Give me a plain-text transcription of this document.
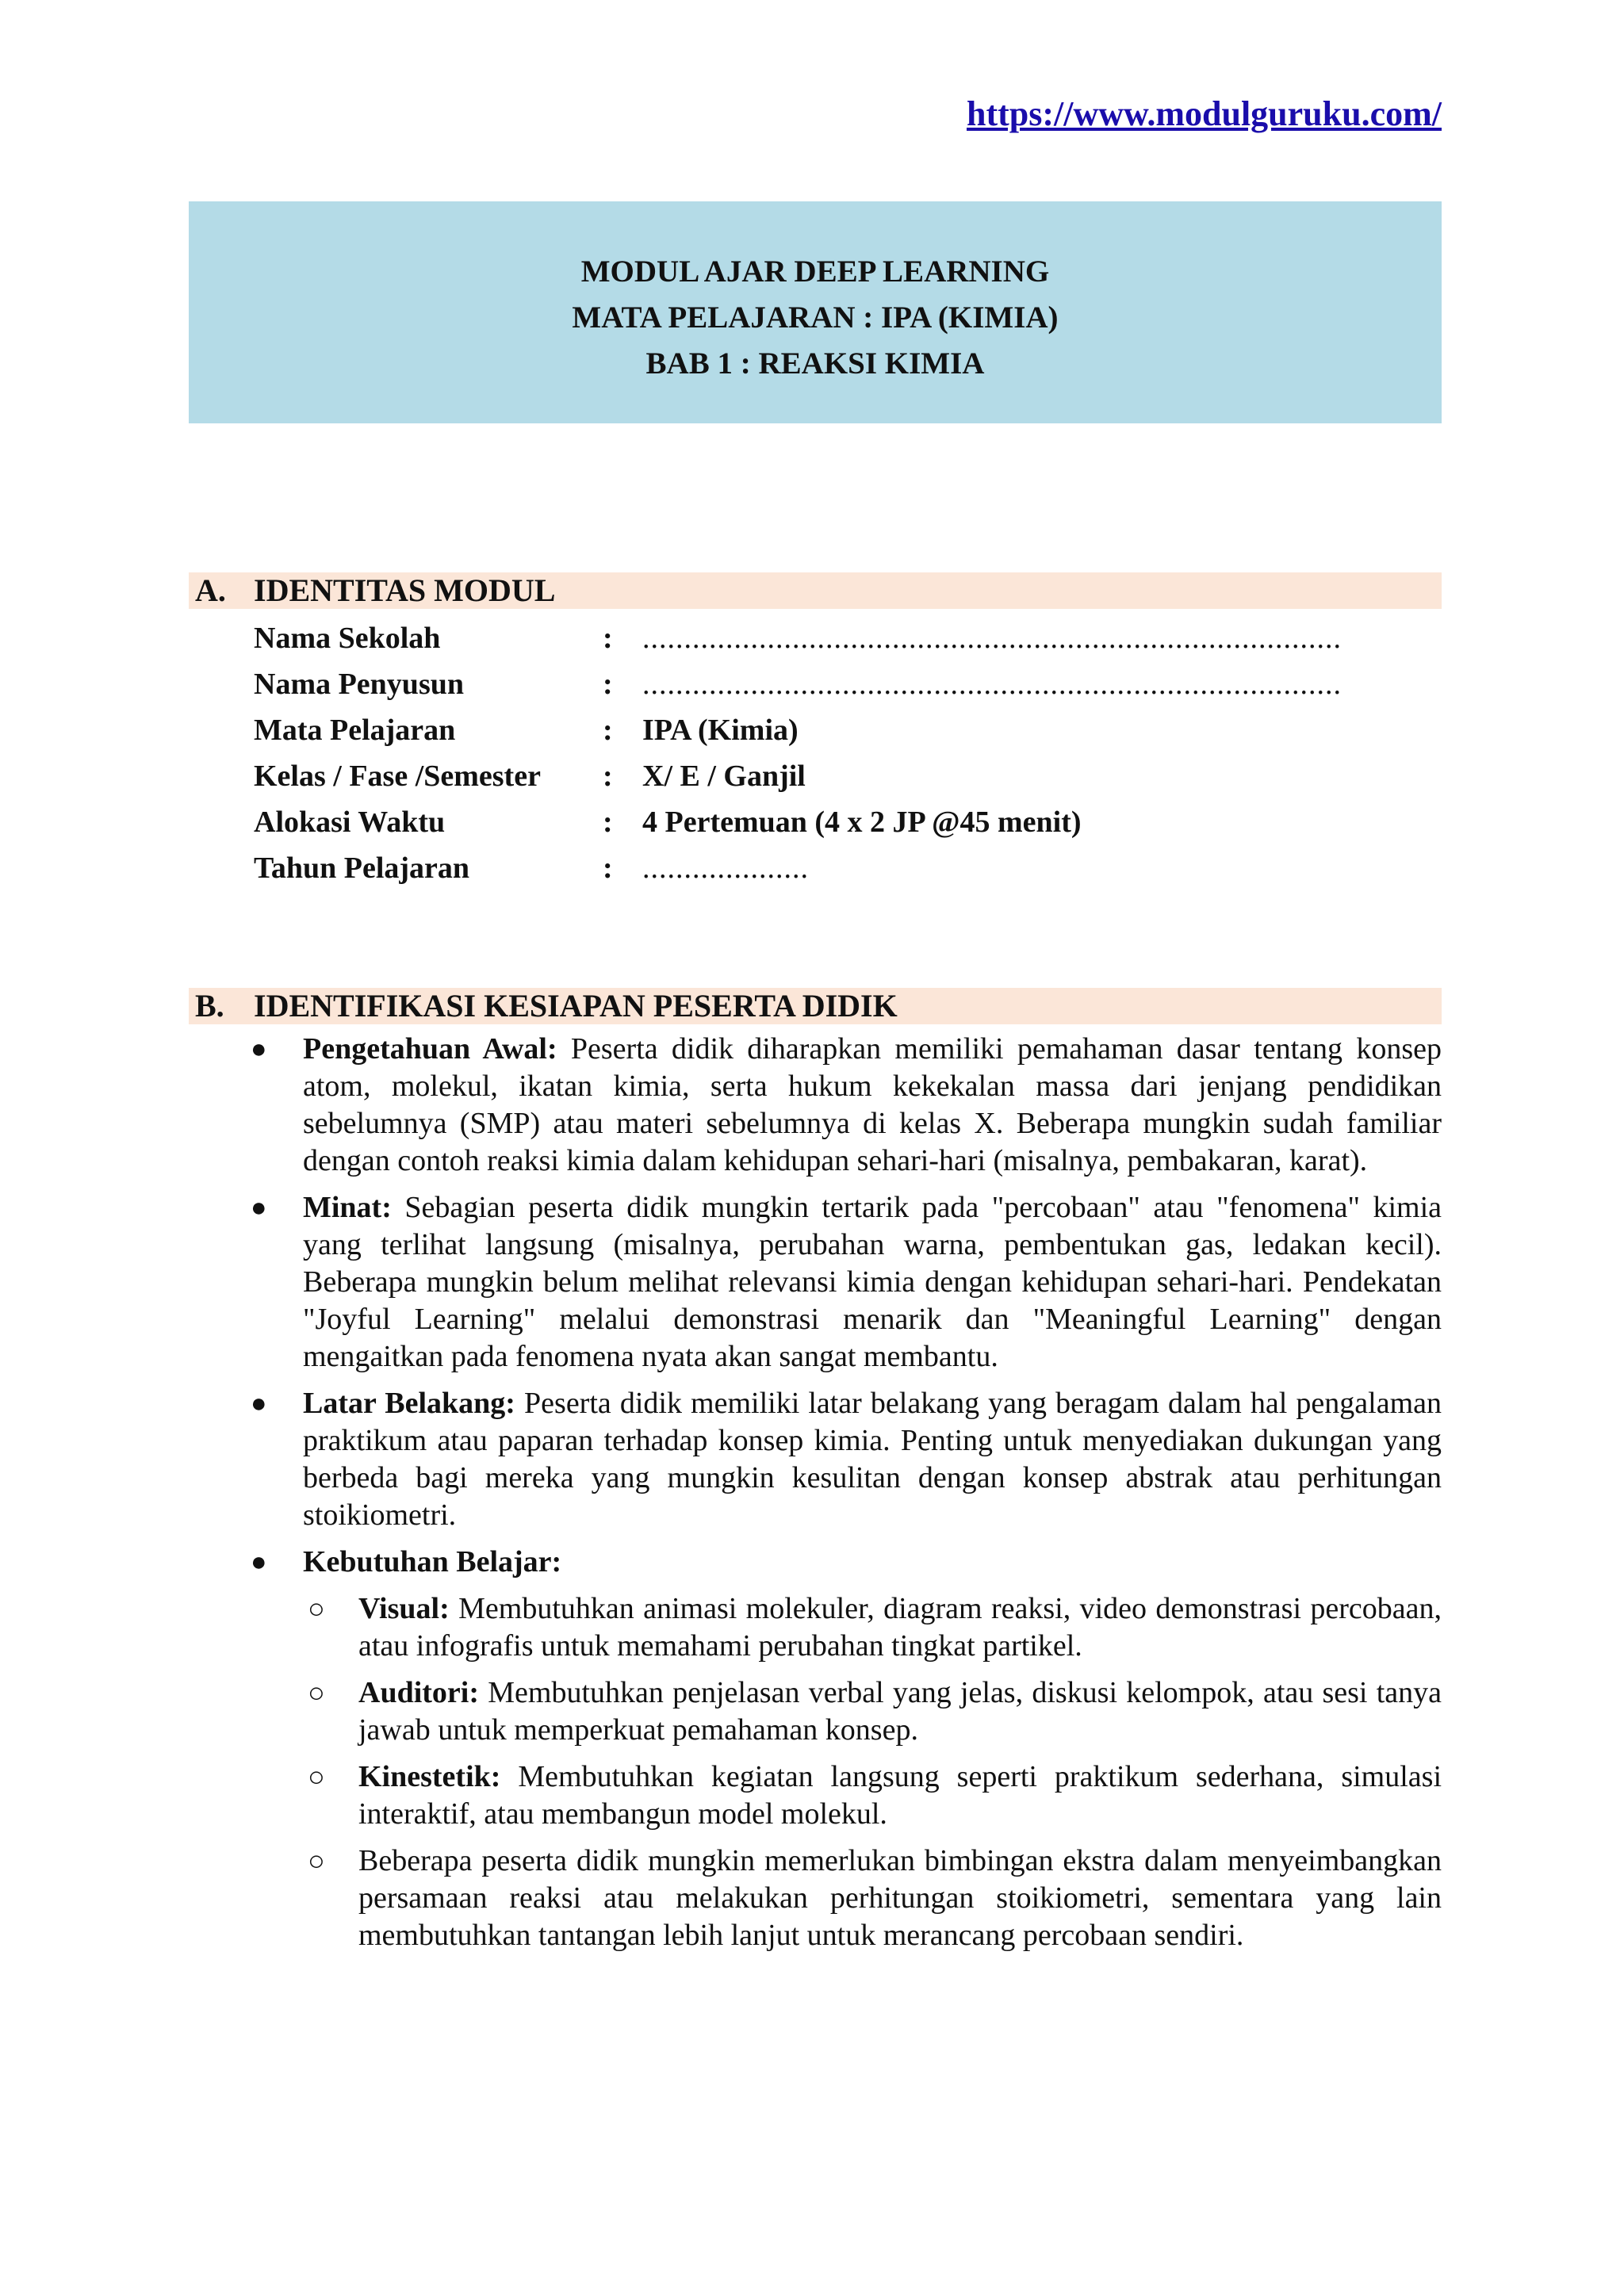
https://www.modulguruku.com/
MODUL AJAR DEEP LEARNING
MATA PELAJARAN : IPA (KIMIA)
BAB 1 : REAKSI KIMIA
A. IDENTITAS MODUL
Nama Sekolah	: ....................................................................................
Nama Penyusun	: ....................................................................................
Mata Pelajaran	: IPA (Kimia)
Kelas / Fase /Semester : X/ E / Ganjil
Alokasi Waktu	: 4 Pertemuan (4 x 2 JP @45 menit)
Tahun Pelajaran	: ....................
B. IDENTIFIKASI KESIAPAN PESERTA DIDIK
● Pengetahuan Awal: Peserta didik diharapkan memiliki pemahaman dasar tentang konsep atom, molekul, ikatan kimia, serta hukum kekekalan massa dari jenjang pendidikan sebelumnya (SMP) atau materi sebelumnya di kelas X. Beberapa mungkin sudah familiar dengan contoh reaksi kimia dalam kehidupan sehari-hari (misalnya, pembakaran, karat).
● Minat: Sebagian peserta didik mungkin tertarik pada "percobaan" atau "fenomena" kimia yang terlihat langsung (misalnya, perubahan warna, pembentukan gas, ledakan kecil). Beberapa mungkin belum melihat relevansi kimia dengan kehidupan sehari-hari. Pendekatan "Joyful Learning" melalui demonstrasi menarik dan "Meaningful Learning" dengan mengaitkan pada fenomena nyata akan sangat membantu.
● Latar Belakang: Peserta didik memiliki latar belakang yang beragam dalam hal pengalaman praktikum atau paparan terhadap konsep kimia. Penting untuk menyediakan dukungan yang berbeda bagi mereka yang mungkin kesulitan dengan konsep abstrak atau perhitungan stoikiometri.
● Kebutuhan Belajar:
○ Visual: Membutuhkan animasi molekuler, diagram reaksi, video demonstrasi percobaan, atau infografis untuk memahami perubahan tingkat partikel.
○ Auditori: Membutuhkan penjelasan verbal yang jelas, diskusi kelompok, atau sesi tanya jawab untuk memperkuat pemahaman konsep.
○ Kinestetik: Membutuhkan kegiatan langsung seperti praktikum sederhana, simulasi interaktif, atau membangun model molekul.
○ Beberapa peserta didik mungkin memerlukan bimbingan ekstra dalam menyeimbangkan persamaan reaksi atau melakukan perhitungan stoikiometri, sementara yang lain membutuhkan tantangan lebih lanjut untuk merancang percobaan sendiri.
